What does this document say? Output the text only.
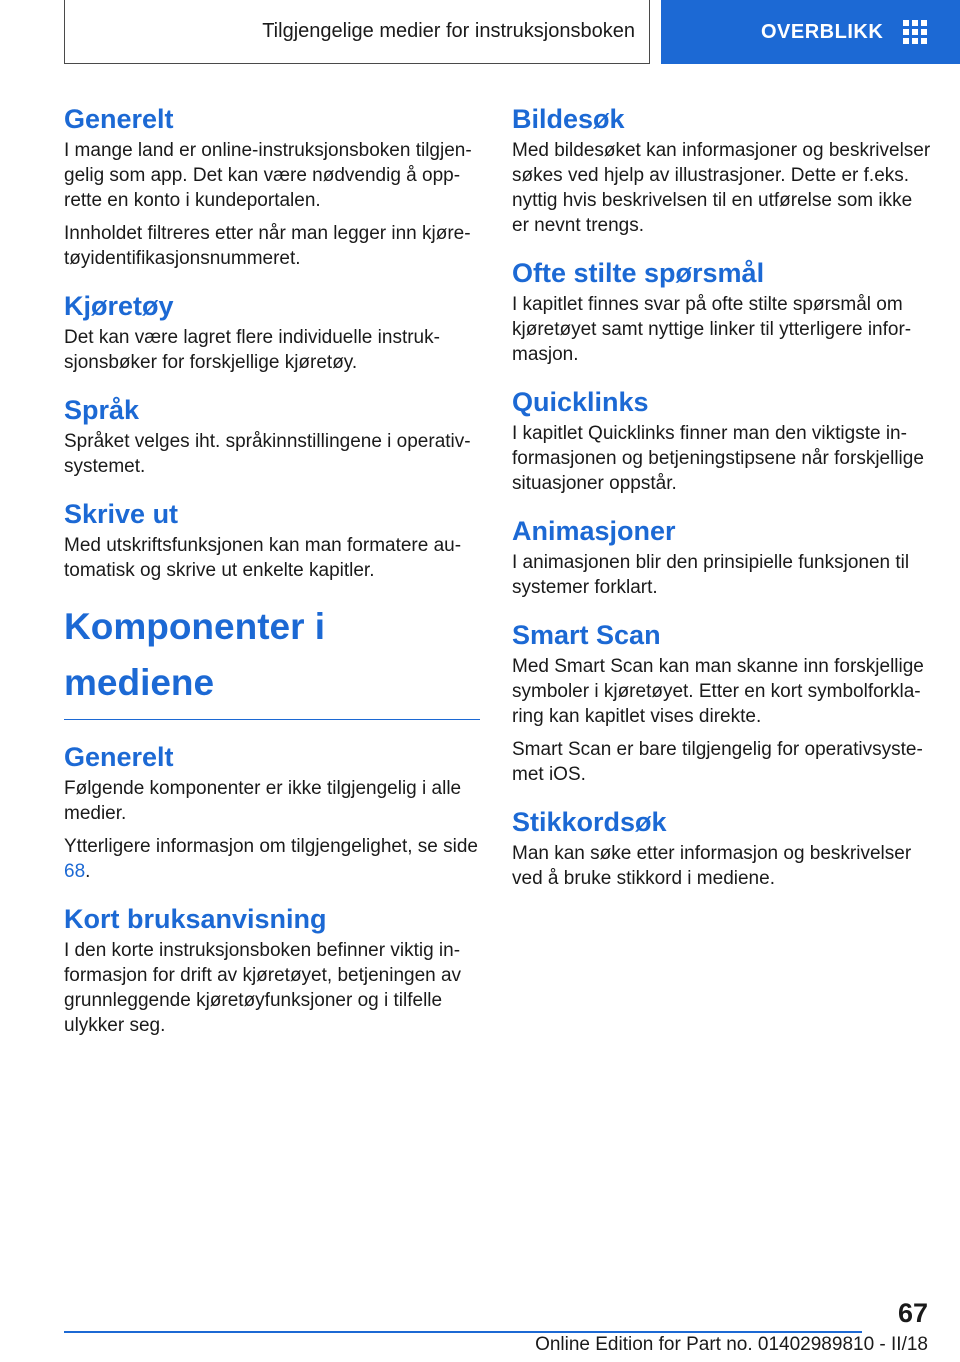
Tilgjengelige medier for instruksjonsboken	OVERBLIKK
Generelt

I mange land er online-instruksjonsboken tilgjengelig som app. Det kan være nødvendig å opprette en konto i kundeportalen.

Innholdet filtreres etter når man legger inn kjøretøyidentifikasjonsnummeret.

Kjøretøy

Det kan være lagret flere individuelle instruksjonsbøker for forskjellige kjøretøy.

Språk

Språket velges iht. språkinnstillingene i operativsystemet.

Skrive ut

Med utskriftsfunksjonen kan man formatere automatisk og skrive ut enkelte kapitler.

Komponenter i mediene
Generelt

Følgende komponenter er ikke tilgjengelig i alle medier.

Ytterligere informasjon om tilgjengelighet, se side 68.

Kort bruksanvisning

I den korte instruksjonsboken befinner viktig informasjon for drift av kjøretøyet, betjeningen av grunnleggende kjøretøyfunksjoner og i tilfelle ulykker seg.

Bildesøk

Med bildesøket kan informasjoner og beskrivelser søkes ved hjelp av illustrasjoner. Dette er f.eks. nyttig hvis beskrivelsen til en utførelse som ikke er nevnt trengs.

Ofte stilte spørsmål

I kapitlet finnes svar på ofte stilte spørsmål om kjøretøyet samt nyttige linker til ytterligere informasjon.

Quicklinks

I kapitlet Quicklinks finner man den viktigste informasjonen og betjeningstipsene når forskjellige situasjoner oppstår.

Animasjoner

I animasjonen blir den prinsipielle funksjonen til systemer forklart.

Smart Scan

Med Smart Scan kan man skanne inn forskjellige symboler i kjøretøyet. Etter en kort symbolforklaring kan kapitlet vises direkte.

Smart Scan er bare tilgjengelig for operativsystemet iOS.

Stikkordsøk

Man kan søke etter informasjon og beskrivelser ved å bruke stikkord i mediene.

67
Online Edition for Part no. 01402989810 - II/18
